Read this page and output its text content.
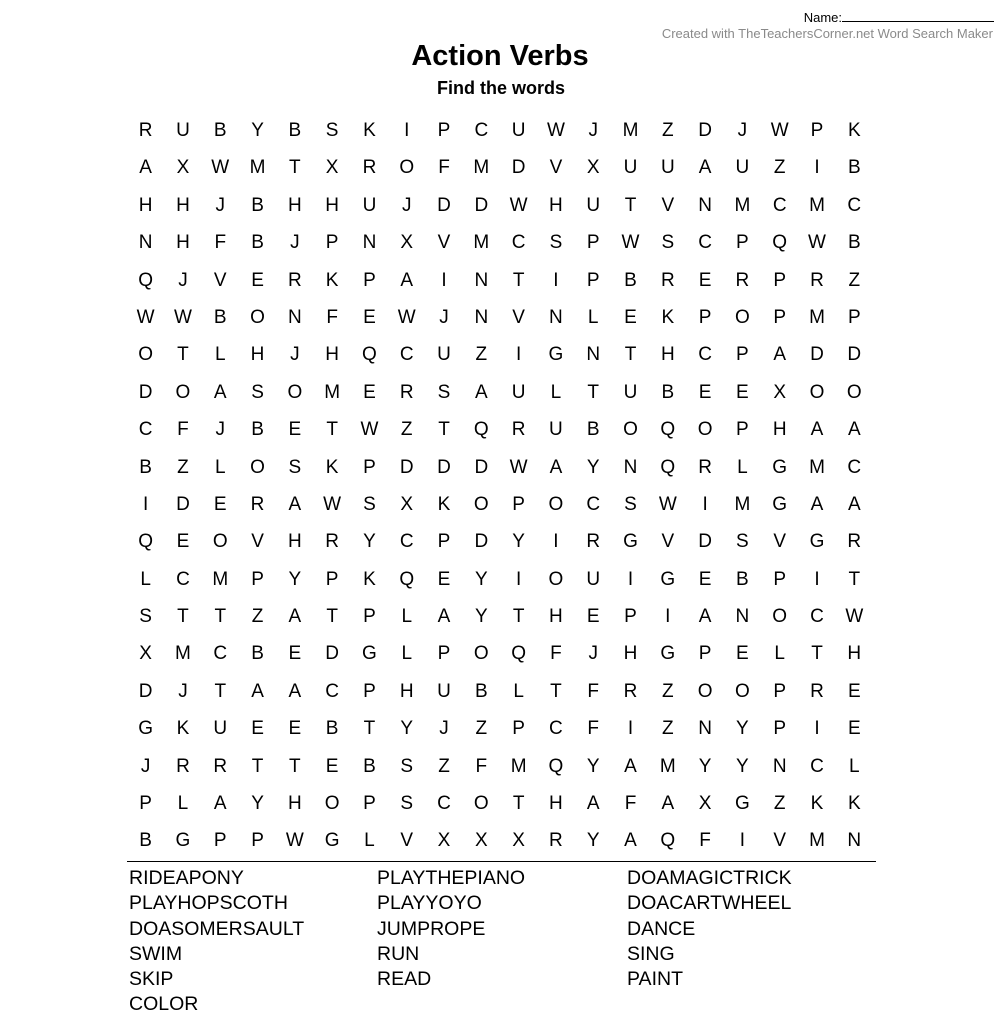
Name:
Created with TheTeachersCorner.net Word Search Maker
Action Verbs
Find the words
R	U	B	Y	B	S	K	I	P	C	U	W	J	M	Z	D	J	W	P	K
A	X	W	M	T	X	R	O	F	M	D	V	X	U	U	A	U	Z	I	B
H	H	J	B	H	H	U	J	D	D	W	H	U	T	V	N	M	C	M	C
N	H	F	B	J	P	N	X	V	M	C	S	P	W	S	C	P	Q	W	B
Q	J	V	E	R	K	P	A	I	N	T	I	P	B	R	E	R	P	R	Z
W	W	B	O	N	F	E	W	J	N	V	N	L	E	K	P	O	P	M	P
O	T	L	H	J	H	Q	C	U	Z	I	G	N	T	H	C	P	A	D	D
D	O	A	S	O	M	E	R	S	A	U	L	T	U	B	E	E	X	O	O
C	F	J	B	E	T	W	Z	T	Q	R	U	B	O	Q	O	P	H	A	A
B	Z	L	O	S	K	P	D	D	D	W	A	Y	N	Q	R	L	G	M	C
I	D	E	R	A	W	S	X	K	O	P	O	C	S	W	I	M	G	A	A
Q	E	O	V	H	R	Y	C	P	D	Y	I	R	G	V	D	S	V	G	R
L	C	M	P	Y	P	K	Q	E	Y	I	O	U	I	G	E	B	P	I	T
S	T	T	Z	A	T	P	L	A	Y	T	H	E	P	I	A	N	O	C	W
X	M	C	B	E	D	G	L	P	O	Q	F	J	H	G	P	E	L	T	H
D	J	T	A	A	C	P	H	U	B	L	T	F	R	Z	O	O	P	R	E
G	K	U	E	E	B	T	Y	J	Z	P	C	F	I	Z	N	Y	P	I	E
J	R	R	T	T	E	B	S	Z	F	M	Q	Y	A	M	Y	Y	N	C	L
P	L	A	Y	H	O	P	S	C	O	T	H	A	F	A	X	G	Z	K	K
B	G	P	P	W	G	L	V	X	X	X	R	Y	A	Q	F	I	V	M	N
RIDEAPONY
PLAYHOPSCOTH
DOASOMERSAULT
SWIM
SKIP
COLOR
PLAYTHEPIANO
PLAYYOYO
JUMPROPE
RUN
READ
DOAMAGICTRICK
DOACARTWHEEL
DANCE
SING
PAINT
